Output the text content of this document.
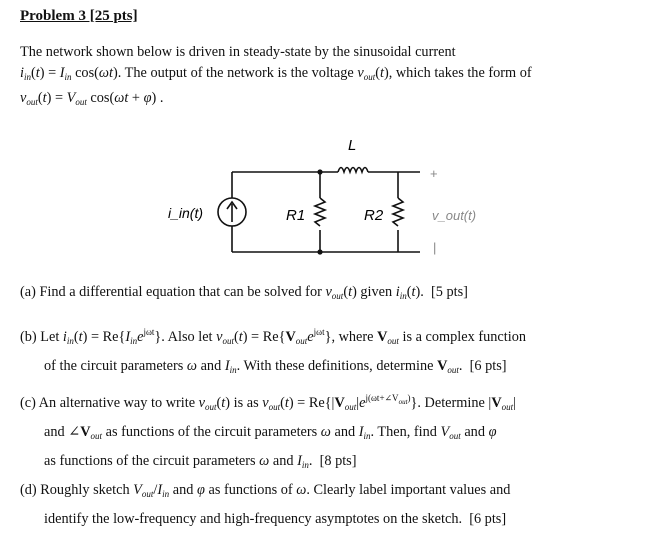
Problem 3 [25 pts]
The network shown below is driven in steady-state by the sinusoidal current
$i_{in}(t) = I_{in}$ cos(ωt). The output of the network is the voltage $v_{out}(t)$, which takes the form of
$v_{out}(t) = V_{out}$ cos(ωt + φ) .
L
R1	R2
i_in(t)
+
|
v_out(t)
(a) Find a differential equation that can be solved for $v_{out}(t)$ given $i_{in}(t)$.  [5 pts]
(b) Let $i_{in}(t) = Re\{I_{in}e^{j\omega t}\}$. Also let $v_{out}(t) = Re\{V_{out}e^{j\omega t}\}$, where $V_{out}$ is a complex function
of the circuit parameters ω and $I_{in}$. With these definitions, determine $V_{out}$.  [6 pts]
(c) An alternative way to write $v_{out}(t)$ is as $v_{out}(t) = Re\{|V_{out}|e^{j(\omega t+\angle V_{out})}\}$. Determine $|V_{out}|$
and $\angle V_{out}$ as functions of the circuit parameters ω and $I_{in}$. Then, find $V_{out}$ and φ
as functions of the circuit parameters ω and $I_{in}$.  [8 pts]
(d) Roughly sketch $V_{out}/I_{in}$ and φ as functions of ω. Clearly label important values and
identify the low-frequency and high-frequency asymptotes on the sketch.  [6 pts]
